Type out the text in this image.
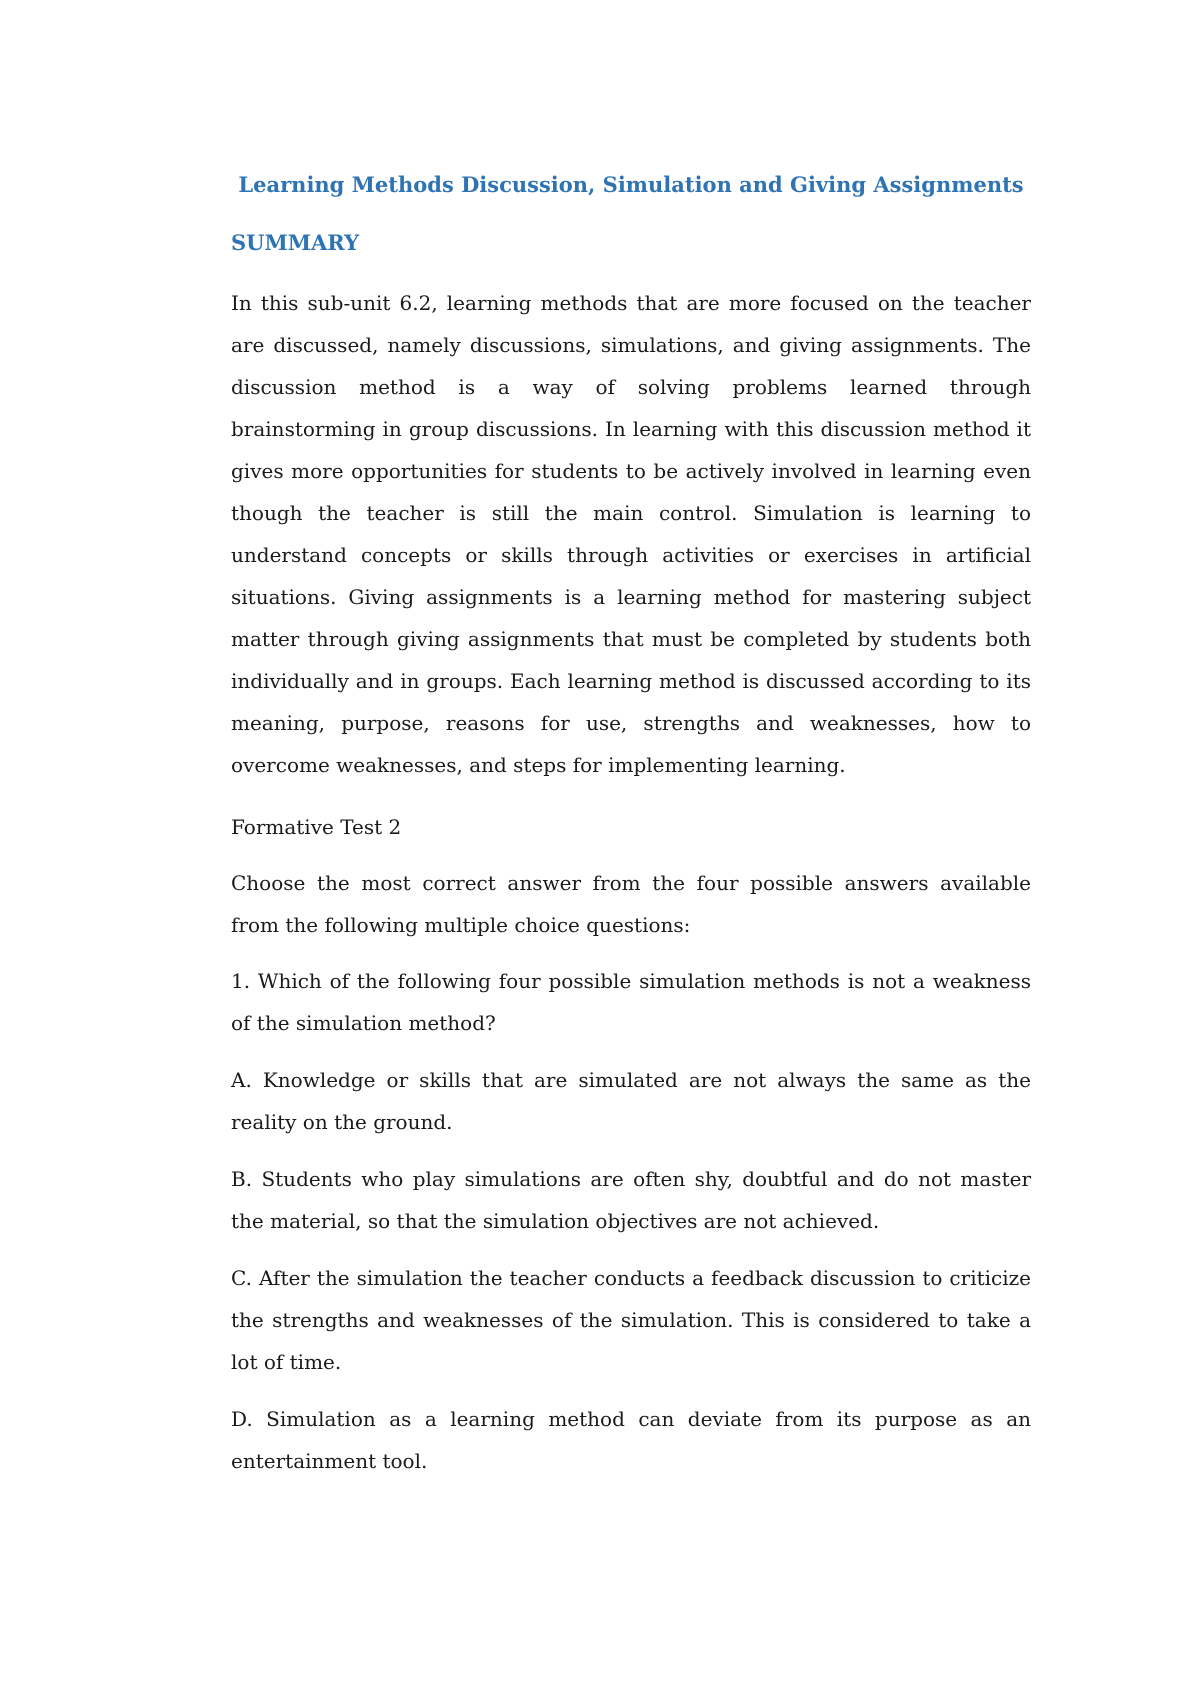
Learning Methods Discussion, Simulation and Giving Assignments
SUMMARY

In this sub-unit 6.2, learning methods that are more focused on the teacher are discussed, namely discussions, simulations, and giving assignments. The discussion method is a way of solving problems learned through brainstorming in group discussions. In learning with this discussion method it gives more opportunities for students to be actively involved in learning even though the teacher is still the main control. Simulation is learning to understand concepts or skills through activities or exercises in artificial situations. Giving assignments is a learning method for mastering subject matter through giving assignments that must be completed by students both individually and in groups. Each learning method is discussed according to its meaning, purpose, reasons for use, strengths and weaknesses, how to overcome weaknesses, and steps for implementing learning.

Formative Test 2

Choose the most correct answer from the four possible answers available from the following multiple choice questions:

1. Which of the following four possible simulation methods is not a weakness of the simulation method?

A. Knowledge or skills that are simulated are not always the same as the reality on the ground.

B. Students who play simulations are often shy, doubtful and do not master the material, so that the simulation objectives are not achieved.

C. After the simulation the teacher conducts a feedback discussion to criticize the strengths and weaknesses of the simulation. This is considered to take a lot of time.

D. Simulation as a learning method can deviate from its purpose as an entertainment tool.
